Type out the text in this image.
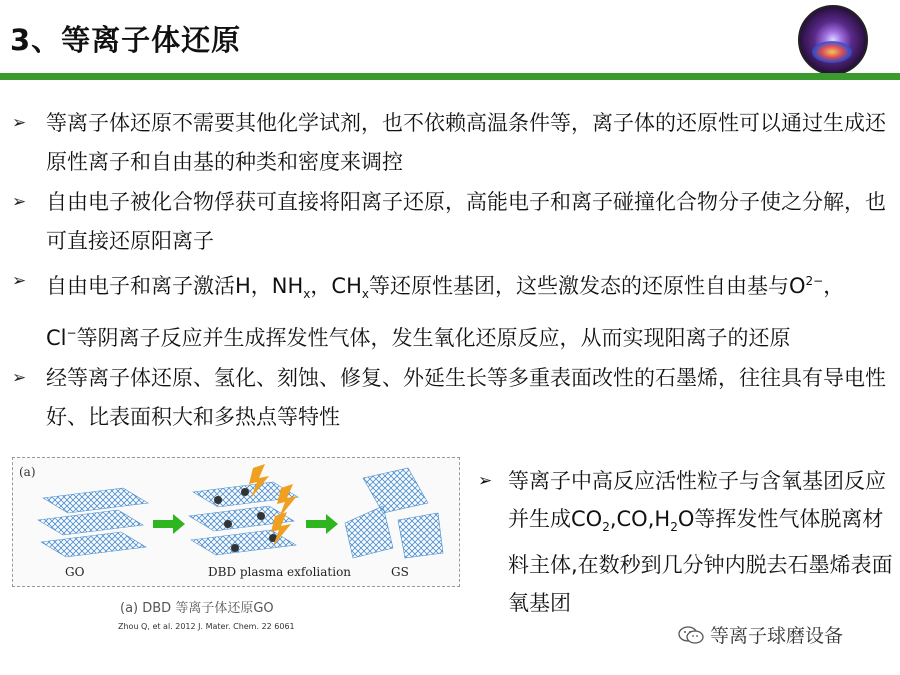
3、等离子体还原
➢ 等离子体还原不需要其他化学试剂，也不依赖高温条件等，离子体的还原性可以通过生成还原性离子和自由基的种类和密度来调控
➢ 自由电子被化合物俘获可直接将阳离子还原，高能电子和离子碰撞化合物分子使之分解，也可直接还原阳离子
➢ 自由电子和离子激活H，$NH_x$，$CH_x$等还原性基团，这些激发态的还原性自由基与$O^{2-}$，Cl−等阴离子反应并生成挥发性气体，发生氧化还原反应，从而实现阳离子的还原
➢ 经等离子体还原、氢化、刻蚀、修复、外延生长等多重表面改性的石墨烯，往往具有导电性好、比表面积大和多热点等特性
(a)
GO	DBD plasma exfoliation	GS
(a) DBD 等离子体还原GO
Zhou Q, et al. 2012 J. Mater. Chem. 22 6061
➢ 等离子中高反应活性粒子与含氧基团反应并生成$CO_2,CO,H_2O$等挥发性气体脱离材料主体,在数秒到几分钟内脱去石墨烯表面氧基团
等离子球磨设备
